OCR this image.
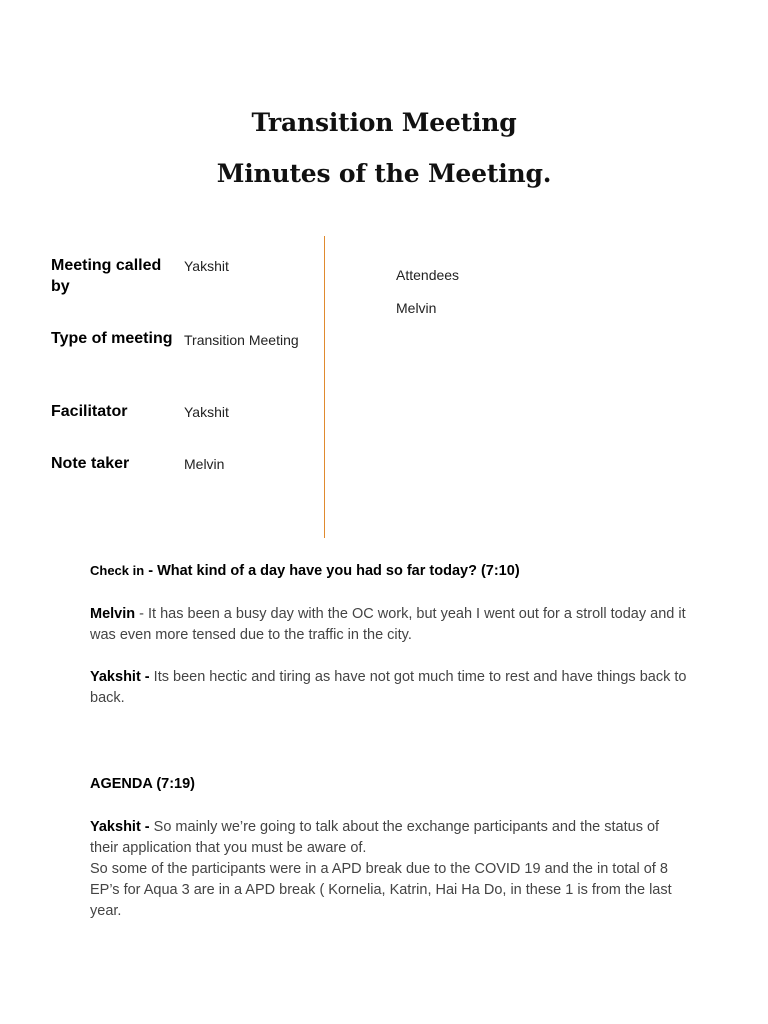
Transition Meeting
Minutes of the Meeting.
Meeting called by
Yakshit
Type of meeting Transition Meeting
Facilitator	Yakshit
Note taker	Melvin
Attendees
Melvin
Check in - What kind of a day have you had so far today? (7:10)
Melvin - It has been a busy day with the OC work, but yeah I went out for a stroll today and it was even more tensed due to the traffic in the city.
Yakshit - Its been hectic and tiring as have not got much time to rest and have things back to back.
AGENDA (7:19)
Yakshit - So mainly we’re going to talk about the exchange participants and the status of their application that you must be aware of.
So some of the participants were in a APD break due to the COVID 19 and the in total of 8 EP’s for Aqua 3 are in a APD break ( Kornelia, Katrin, Hai Ha Do, in these 1 is from the last year.
